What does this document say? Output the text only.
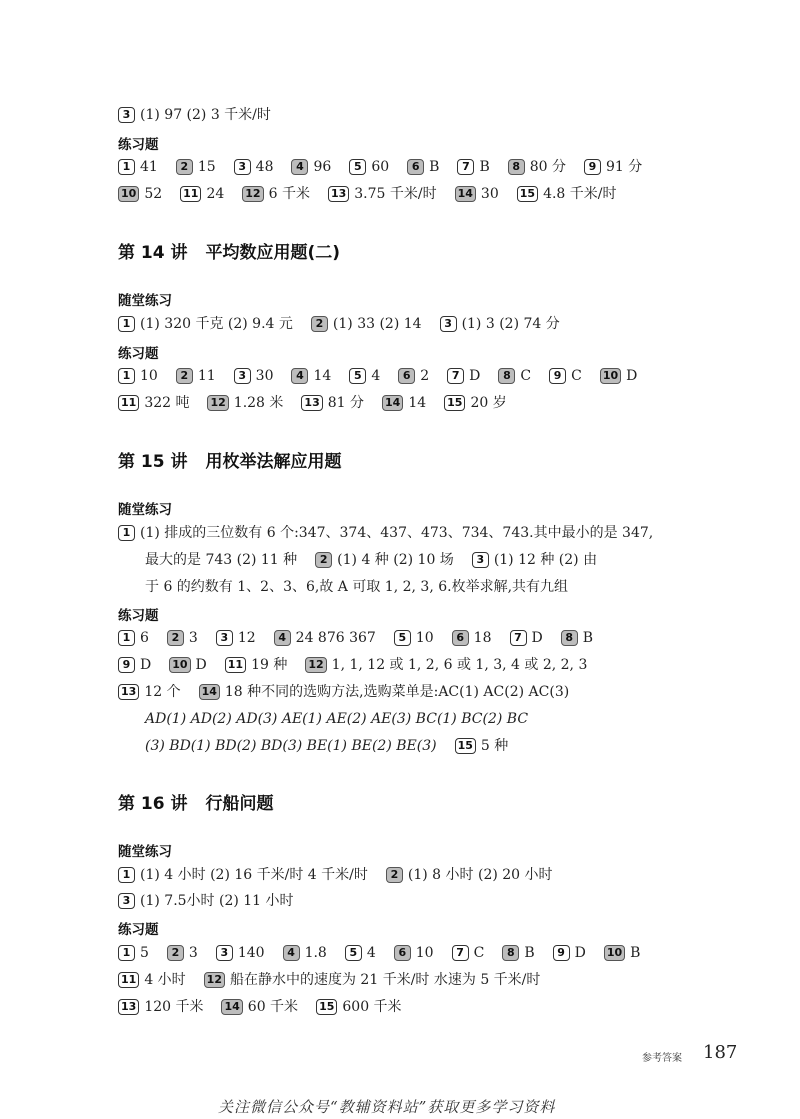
3 (1) 97 (2) 3 千米/时
练习题
1 41 2 15 3 48 4 96 5 60 6 B 7 B 8 80 分 9 91 分
10 52 11 24 12 6 千米 13 3.75 千米/时 14 30 15 4.8 千米/时
第 14 讲 平均数应用题(二)
随堂练习
1 (1) 320 千克 (2) 9.4 元 2 (1) 33 (2) 14 3 (1) 3 (2) 74 分
练习题
1 10 2 11 3 30 4 14 5 4 6 2 7 D 8 C 9 C 10 D
11 322 吨 12 1.28 米 13 81 分 14 14 15 20 岁
第 15 讲 用枚举法解应用题
随堂练习
1 (1) 排成的三位数有 6 个:347、374、437、473、734、743.其中最小的是 347,
最大的是 743 (2) 11 种 2 (1) 4 种 (2) 10 场 3 (1) 12 种 (2) 由
于 6 的约数有 1、2、3、6,故 A 可取 1, 2, 3, 6.枚举求解,共有九组
练习题
1 6 2 3 3 12 4 24 876 367 5 10 6 18 7 D 8 B
9 D 10 D 11 19 种 12 1, 1, 12 或 1, 2, 6 或 1, 3, 4 或 2, 2, 3
13 12 个 14 18 种不同的选购方法,选购菜单是:AC(1) AC(2) AC(3)
AD(1) AD(2) AD(3) AE(1) AE(2) AE(3) BC(1) BC(2) BC
(3) BD(1) BD(2) BD(3) BE(1) BE(2) BE(3) 15 5 种
第 16 讲 行船问题
随堂练习
1 (1) 4 小时 (2) 16 千米/时 4 千米/时 2 (1) 8 小时 (2) 20 小时
3 (1) 7.5小时 (2) 11 小时
练习题
1 5 2 3 3 140 4 1.8 5 4 6 10 7 C 8 B 9 D 10 B
11 4 小时 12 船在静水中的速度为 21 千米/时 水速为 5 千米/时
13 120 千米 14 60 千米 15 600 千米
参考答案 187
关注微信公众号“教辅资料站”获取更多学习资料
